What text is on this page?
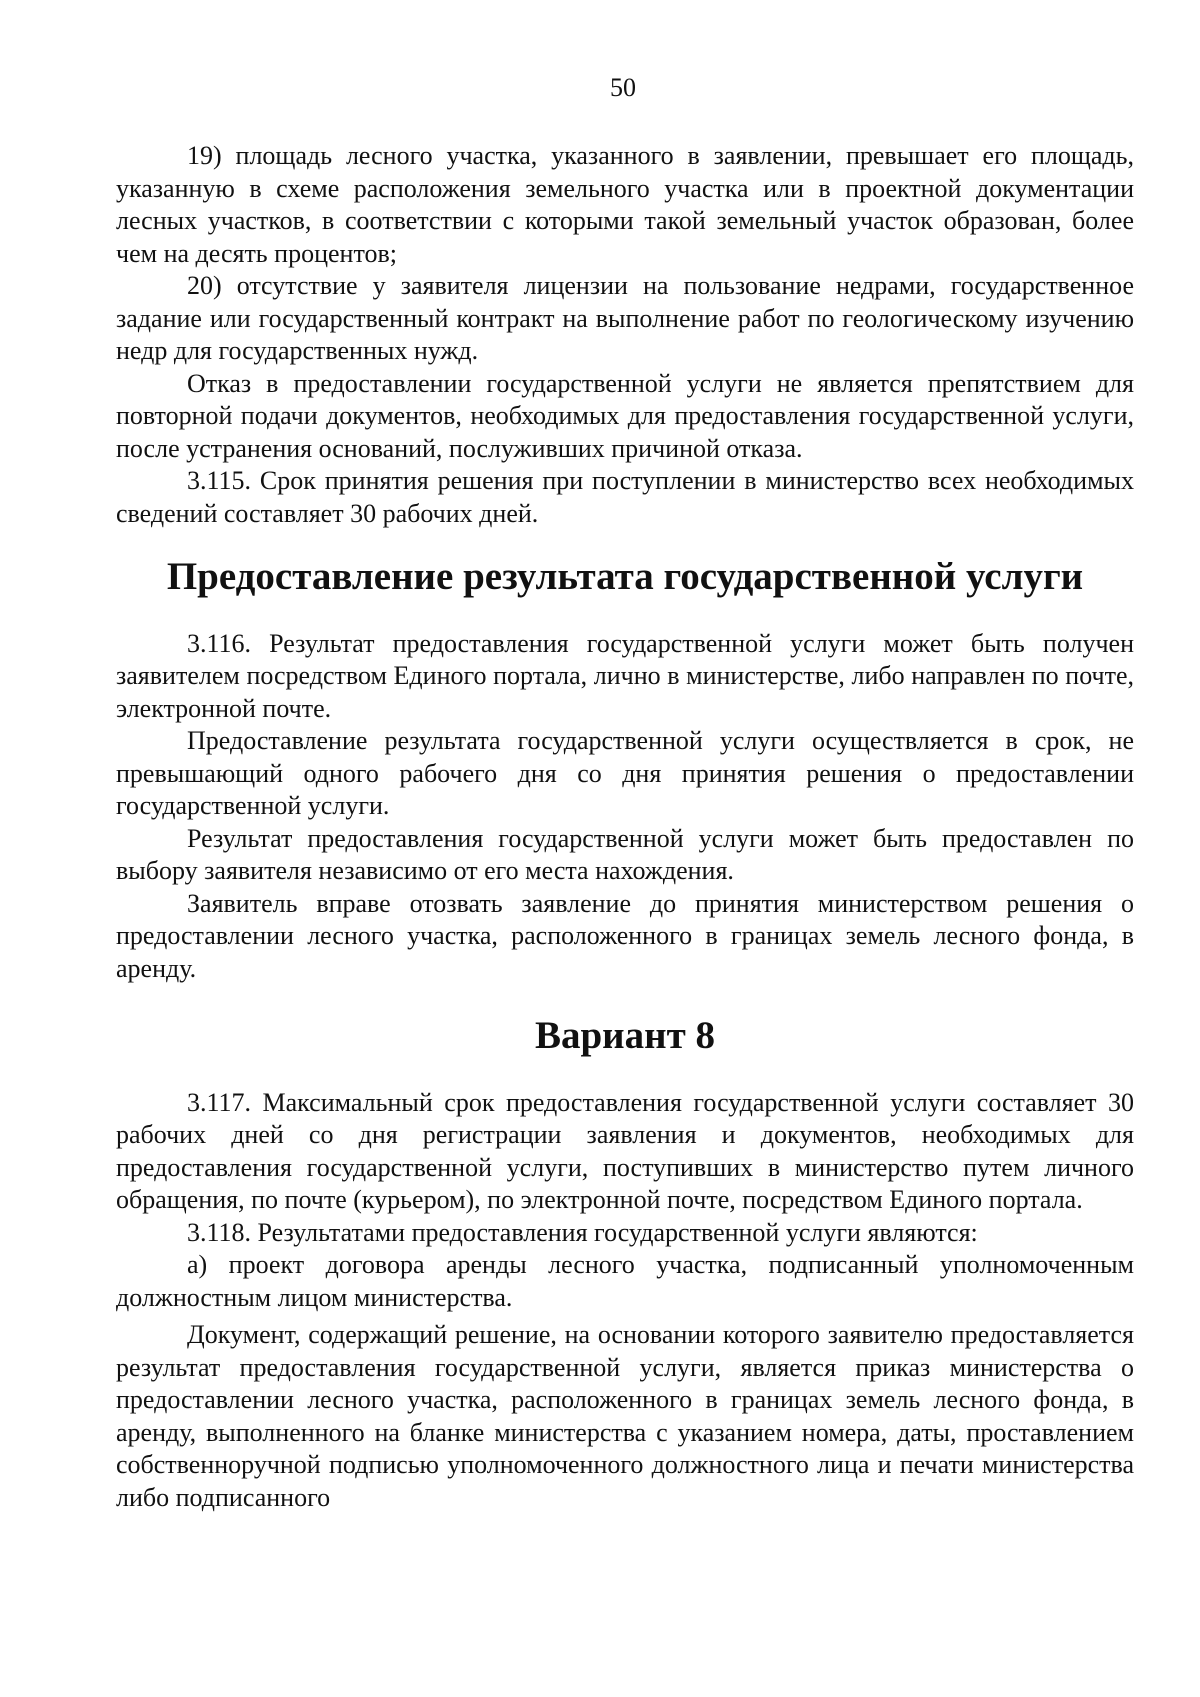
50

19) площадь лесного участка, указанного в заявлении, превышает его площадь, указанную в схеме расположения земельного участка или в проектной документации лесных участков, в соответствии с которыми такой земельный участок образован, более чем на десять процентов;

20) отсутствие у заявителя лицензии на пользование недрами, государственное задание или государственный контракт на выполнение работ по геологическому изучению недр для государственных нужд.

Отказ в предоставлении государственной услуги не является препятствием для повторной подачи документов, необходимых для предоставления государственной услуги, после устранения оснований, послуживших причиной отказа.

3.115. Срок принятия решения при поступлении в министерство всех необходимых сведений составляет 30 рабочих дней.

Предоставление результата государственной услуги

3.116. Результат предоставления государственной услуги может быть получен заявителем посредством Единого портала, лично в министерстве, либо направлен по почте, электронной почте.

Предоставление результата государственной услуги осуществляется в срок, не превышающий одного рабочего дня со дня принятия решения о предоставлении государственной услуги.

Результат предоставления государственной услуги может быть предоставлен по выбору заявителя независимо от его места нахождения.

Заявитель вправе отозвать заявление до принятия министерством решения о предоставлении лесного участка, расположенного в границах земель лесного фонда, в аренду.

Вариант 8

3.117. Максимальный срок предоставления государственной услуги составляет 30 рабочих дней со дня регистрации заявления и документов, необходимых для предоставления государственной услуги, поступивших в министерство путем личного обращения, по почте (курьером), по электронной почте, посредством Единого портала.

3.118. Результатами предоставления государственной услуги являются:

а) проект договора аренды лесного участка, подписанный уполномоченным должностным лицом министерства.

Документ, содержащий решение, на основании которого заявителю предоставляется результат предоставления государственной услуги, является приказ министерства о предоставлении лесного участка, расположенного в границах земель лесного фонда, в аренду, выполненного на бланке министерства с указанием номера, даты, проставлением собственноручной подписью уполномоченного должностного лица и печати министерства либо подписанного
